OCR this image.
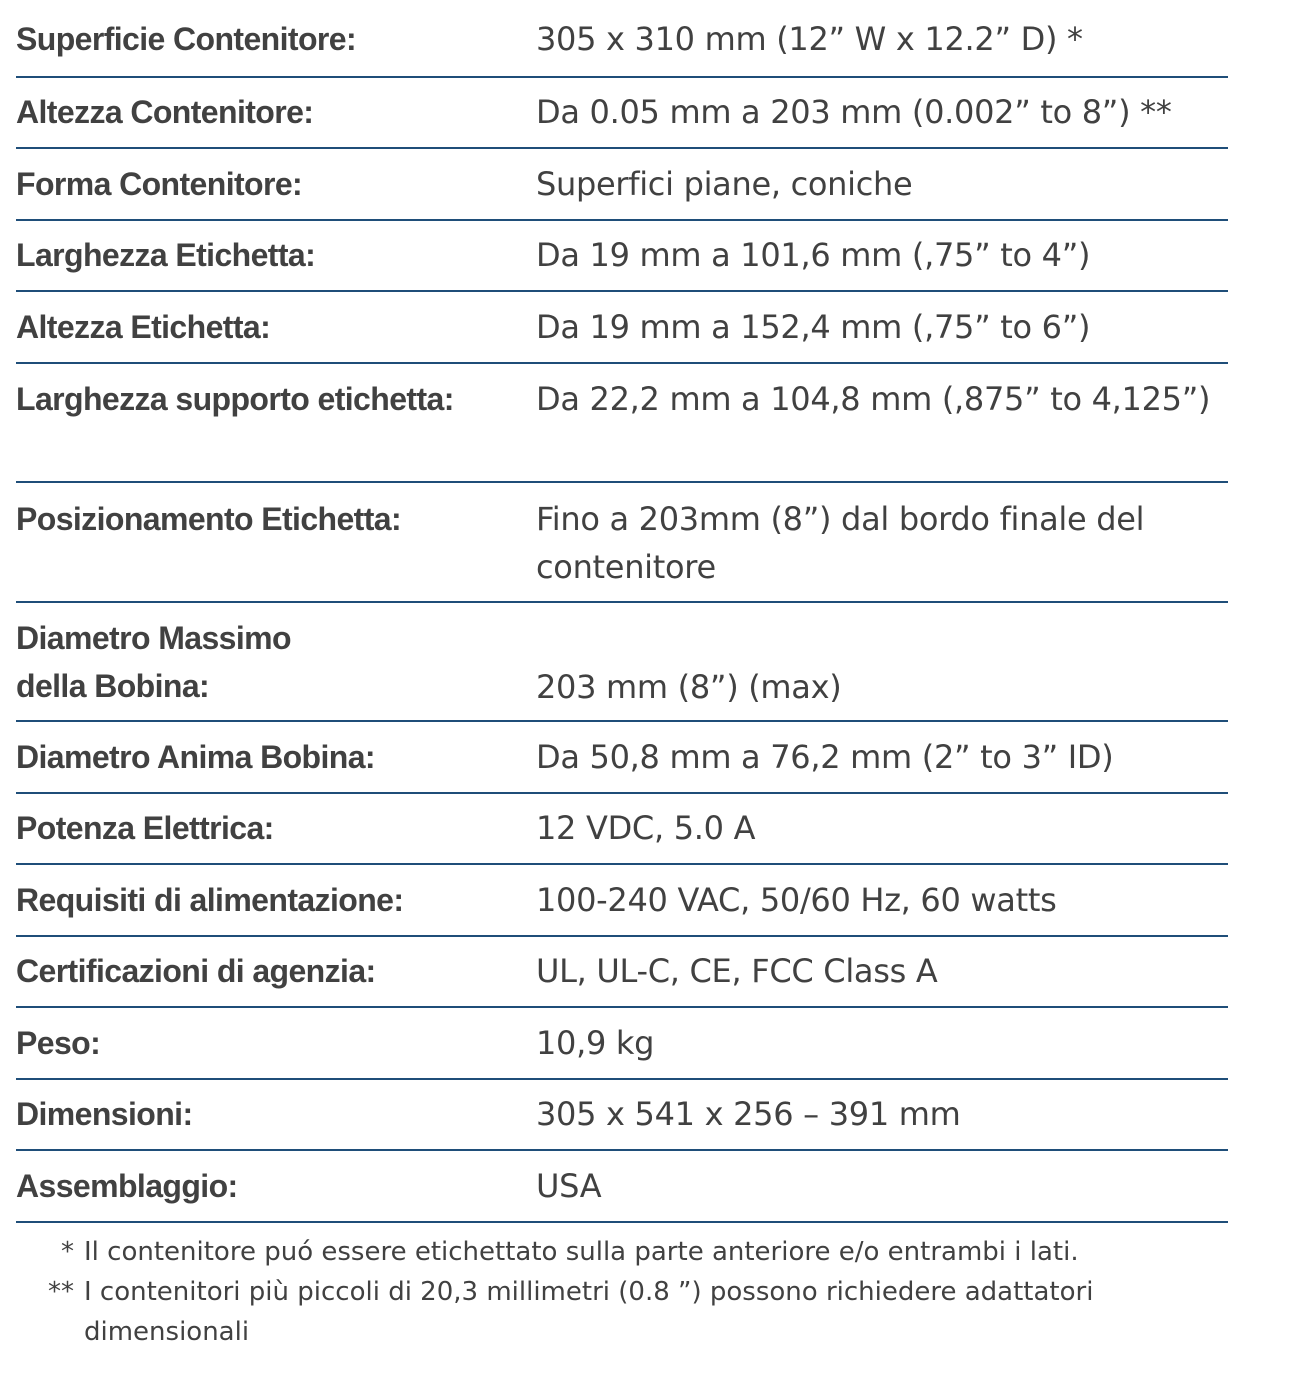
Superficie Contenitore:	305 x 310 mm (12” W x 12.2” D) *
Altezza Contenitore:	Da 0.05 mm a 203 mm (0.002” to 8”) **
Forma Contenitore:	Superfici piane, coniche
Larghezza Etichetta:	Da 19 mm a 101,6 mm (,75” to 4”)
Altezza Etichetta:	Da 19 mm a 152,4 mm (,75” to 6”)
Larghezza supporto etichetta:	Da 22,2 mm a 104,8 mm (,875” to 4,125”)
Posizionamento Etichetta:	Fino a 203mm (8”) dal bordo finale del contenitore
Diametro Massimo
della Bobina:	203 mm (8”) (max)
Diametro Anima Bobina:	Da 50,8 mm a 76,2 mm (2” to 3” ID)
Potenza Elettrica:	12 VDC, 5.0 A
Requisiti di alimentazione:	100-240 VAC, 50/60 Hz, 60 watts
Certificazioni di agenzia:	UL, UL-C, CE, FCC Class A
Peso:	10,9 kg
Dimensioni:	305 x 541 x 256 – 391 mm
Assemblaggio:	USA
* Il contenitore puó essere etichettato sulla parte anteriore e/o entrambi i lati.
** I contenitori più piccoli di 20,3 millimetri (0.8 ”) possono richiedere adattatori dimensionali
